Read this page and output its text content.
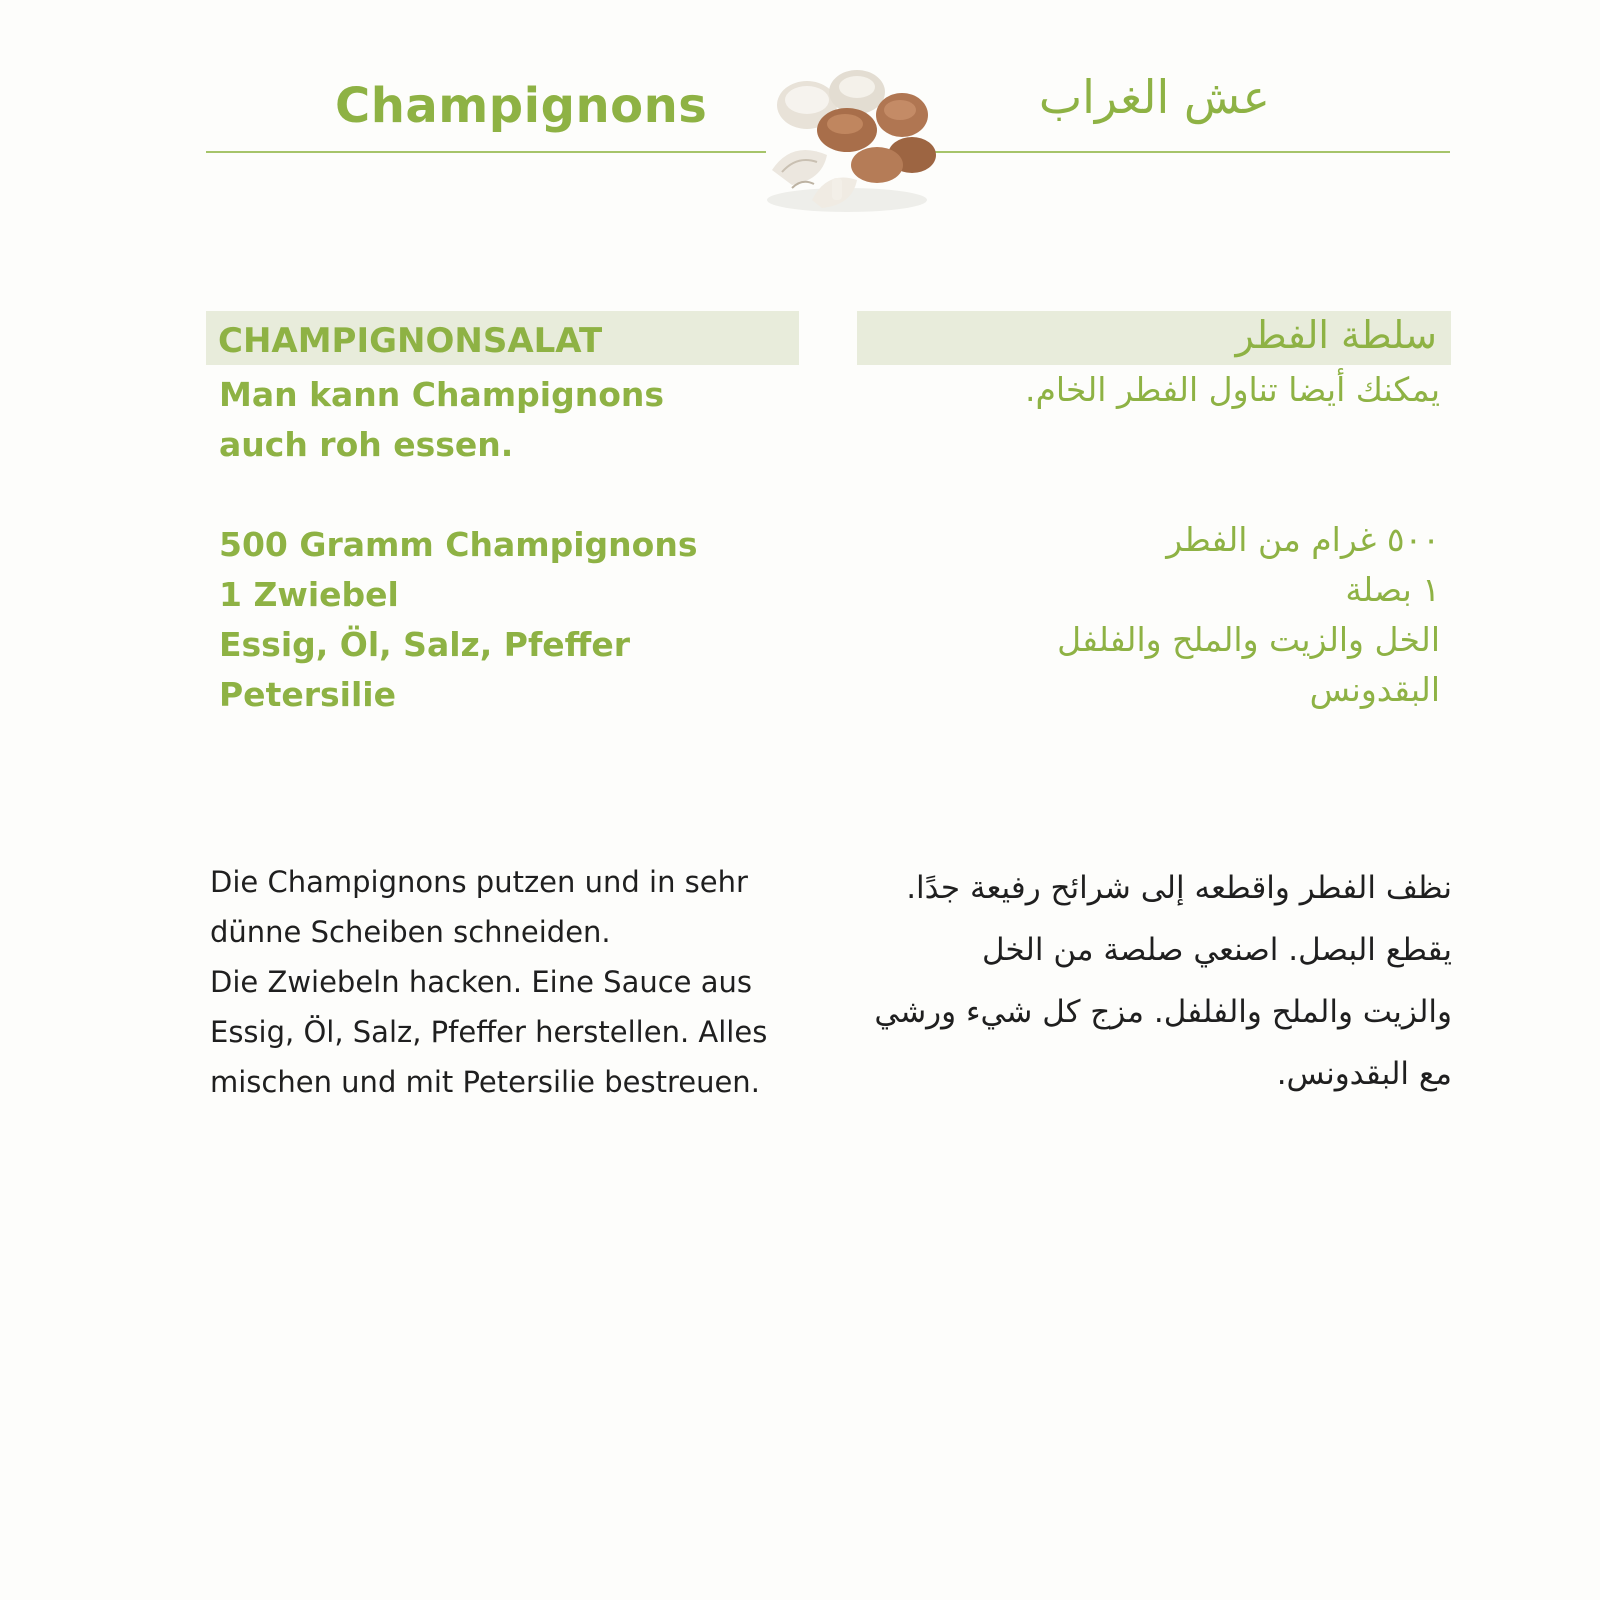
Champignons	عش الغراب
CHAMPIGNONSALAT	سلطة الفطر
Man kann Champignons
auch roh essen.
يمكنك أيضا تناول الفطر الخام.
500 Gramm Champignons
1 Zwiebel
Essig, Öl, Salz, Pfeffer
Petersilie
٥٠٠ غرام من الفطر
١ بصلة
الخل والزيت والملح والفلفل
البقدونس
Die Champignons putzen und in sehr
dünne Scheiben schneiden.
Die Zwiebeln hacken. Eine Sauce aus
Essig, Öl, Salz, Pfeffer herstellen. Alles
mischen und mit Petersilie bestreuen.
نظف الفطر واقطعه إلى شرائح رفيعة جدًا.
يقطع البصل. اصنعي صلصة من الخل
والزيت والملح والفلفل. مزج كل شيء ورشي
مع البقدونس.
